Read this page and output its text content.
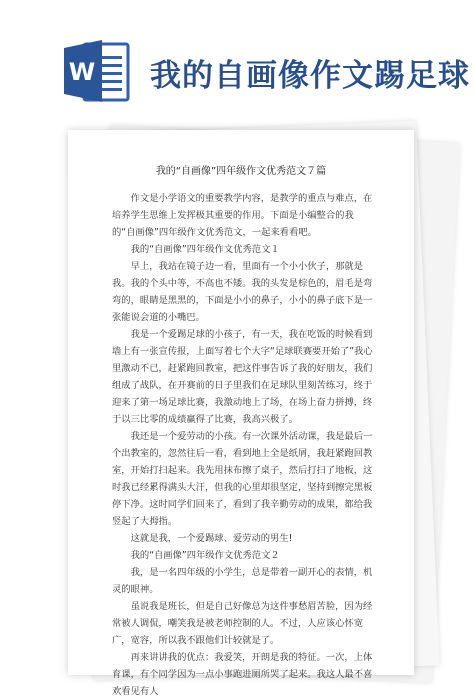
W 我的自画像作文踢足球
我的“自画像”四年级作文优秀范文７篇

作文是小学语文的重要教学内容，是教学的重点与难点，在培养学生思维上发挥极其重要的作用。下面是小编整合的我的“自画像”四年级作文优秀范文，一起来看看吧。

我的“自画像”四年级作文优秀范文１

早上，我站在镜子边一看，里面有一个小小伙子，那就是我。我的个头中等，不高也不矮。我的头发是棕色的，眉毛是弯弯的，眼睛是黑黑的，下面是小小的鼻子，小小的鼻子底下是一张能说会道的小嘴巴。

我是一个爱踢足球的小孩子，有一天，我在吃饭的时候看到墙上有一张宣传报，上面写着七个大字“足球联赛要开始了”我心里激动不已，赶紧跑回教室，把这件事告诉了我的好朋友，我们组成了战队，在开赛前的日子里我们在足球队里刻苦练习，终于迎来了第一场足球比赛，我激动地上了场，在场上奋力拼搏，终于以三比零的成绩赢得了比赛，我高兴极了。

我还是一个爱劳动的小孩。有一次课外活动课，我是最后一个出教室的，忽然往后一看，看到地上全是纸屑，我赶紧跑回教室，开始打扫起来。我先用抹布擦了桌子，然后打扫了地板，这时我已经累得满头大汗，但我的心里却很坚定，坚持到擦完黑板停下净。这时同学们回来了，看到了我辛勤劳动的成果，都给我竖起了大拇指。

这就是我，一个爱踢球、爱劳动的男生!

我的“自画像”四年级作文优秀范文２

我，是一名四年级的小学生，总是带着一副开心的表情，机灵的眼神。

虽说我是班长，但是自己好像总为这件事愁眉苦脸，因为经常被人调侃，嘲笑我是被老师控制的人。不过，人应该心怀宽广，宽容，所以我不跟他们计较就是了。

再来讲讲我的优点：我爱笑，开朗是我的特征。一次，上体育课，有个同学因为一点小事跑进厕所哭了起来。我这人最不喜欢看见有人
